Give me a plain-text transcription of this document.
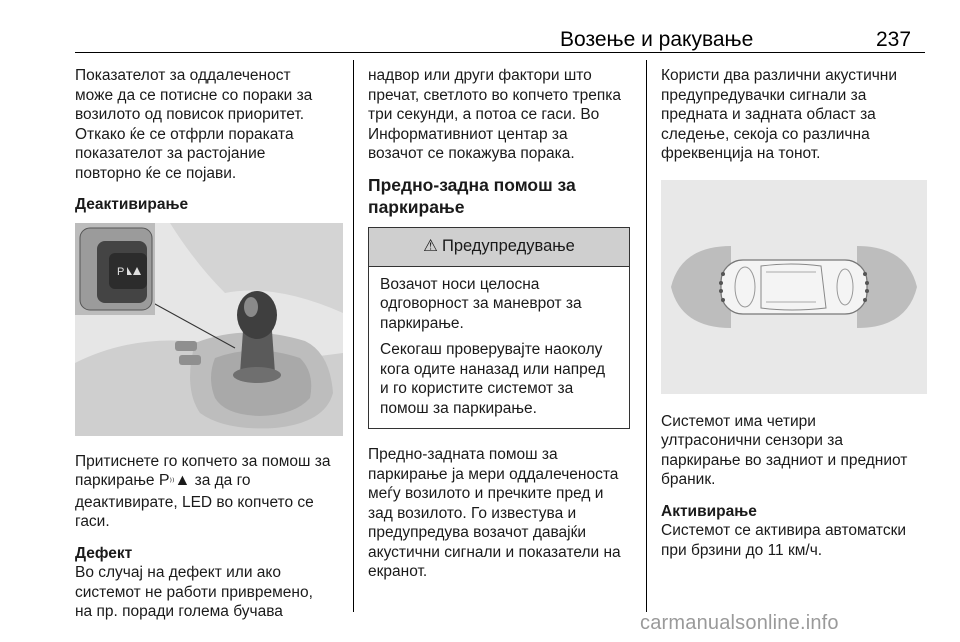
Возење и ракување	237

Показателот за оддалеченост
може да се потисне со пораки за
возилото од повисок приоритет.
Откако ќе се отфрли пораката
показателот за растојание
повторно ќе се појави.

Деактивирање

P

Притиснете го копчето за помош за
паркирање P⁾⁾▲ за да го
деактивирате, LED во копчето се
гаси.

Дефект

Во случај на дефект или ако
системот не работи привремено,
на пр. поради голема бучава

надвор или други фактори што
пречат, светлото во копчето трепка
три секунди, а потоа се гаси. Во
Информативниот центар за
возачот се покажува порака.

Предно-задна помош за
паркирање

⚠ Предупредување

Возачот носи целосна
одговорност за маневрот за
паркирање.

Секогаш проверувајте наоколу
кога одите наназад или напред
и го користите системот за
помош за паркирање.

Предно-задната помош за
паркирање ја мери оддалеченоста
меѓу возилото и пречките пред и
зад возилото. Го известува и
предупредува возачот давајќи
акустични сигнали и показатели на
екранот.

Користи два различни акустични
предупредувачки сигнали за
предната и задната област за
следење, секоја со различна
фреквенција на тонот.

Системот има четири
ултрасонични сензори за
паркирање во задниот и предниот
браник.

Активирање

Системот се активира автоматски
при брзини до 11 км/ч.

carmanualsonline.info
